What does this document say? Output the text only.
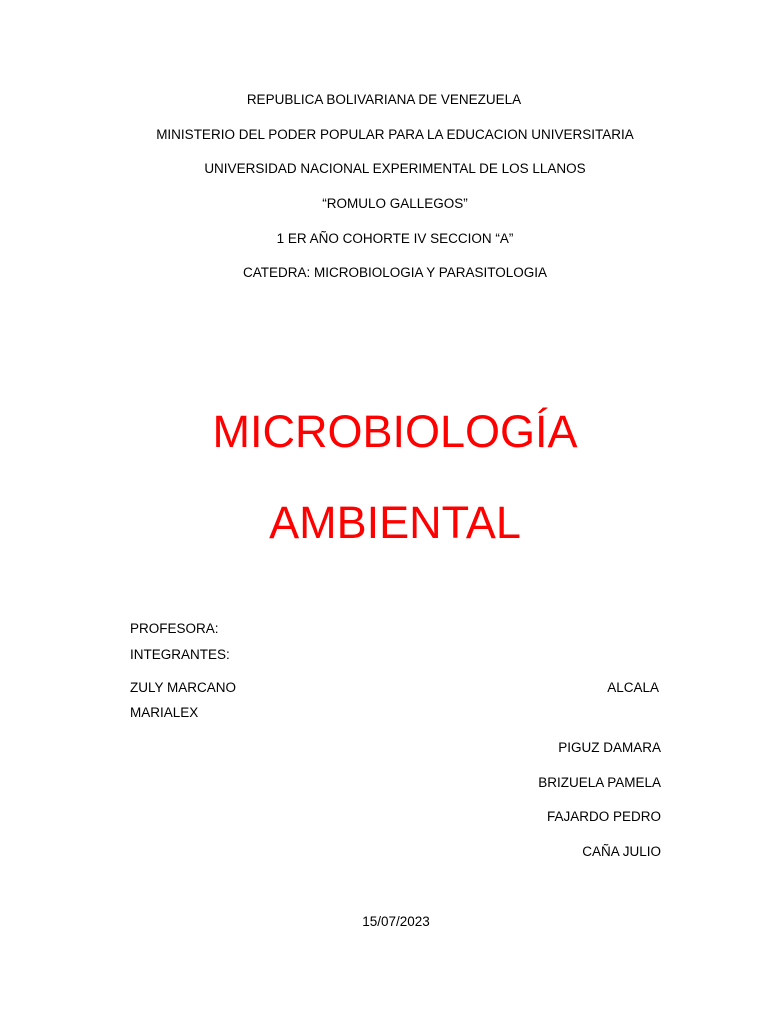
REPUBLICA BOLIVARIANA DE VENEZUELA
MINISTERIO DEL PODER POPULAR PARA LA EDUCACION UNIVERSITARIA
UNIVERSIDAD NACIONAL EXPERIMENTAL DE LOS LLANOS
“ROMULO GALLEGOS”
1 ER AÑO COHORTE IV SECCION “A”
CATEDRA: MICROBIOLOGIA Y PARASITOLOGIA
MICROBIOLOGÍA
AMBIENTAL
PROFESORA:
INTEGRANTES:
ZULY MARCANO	ALCALA
MARIALEX
PIGUZ DAMARA
BRIZUELA PAMELA
FAJARDO PEDRO
CAÑA JULIO
15/07/2023
